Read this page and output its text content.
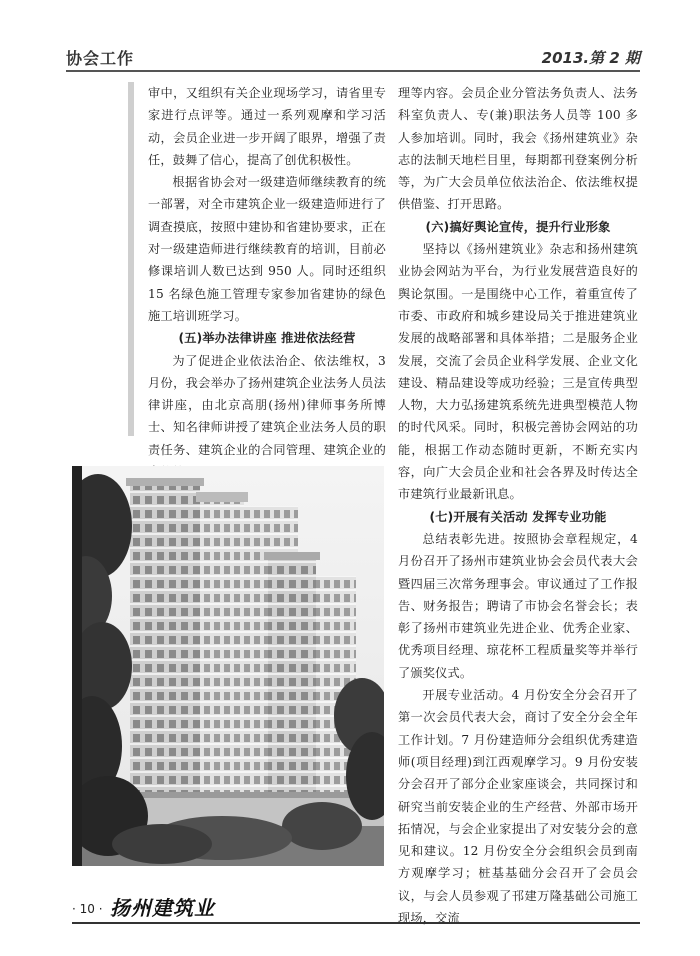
协会工作	2013.第 2 期

审中，又组织有关企业现场学习，请省里专家进行点评等。通过一系列观摩和学习活动，会员企业进一步开阔了眼界，增强了责任，鼓舞了信心，提高了创优积极性。

根据省协会对一级建造师继续教育的统一部署，对全市建筑企业一级建造师进行了调查摸底，按照中建协和省建协要求，正在对一级建造师进行继续教育的培训，目前必修课培训人数已达到 950 人。同时还组织 15 名绿色施工管理专家参加省建协的绿色施工培训班学习。

(五)举办法律讲座 推进依法经营

为了促进企业依法治企、依法维权，3 月份，我会举办了扬州建筑企业法务人员法律讲座，由北京高朋(扬州)律师事务所博士、知名律师讲授了建筑企业法务人员的职责任务、建筑企业的合同管理、建筑企业的

理等内容。会员企业分管法务负责人、法务科室负责人、专(兼)职法务人员等 100 多人参加培训。同时，我会《扬州建筑业》杂志的法制天地栏目里，每期都刊登案例分析等，为广大会员单位依法治企、依法维权提供借鉴、打开思路。

(六)搞好舆论宣传，提升行业形象

坚持以《扬州建筑业》杂志和扬州建筑业协会网站为平台，为行业发展营造良好的舆论氛围。一是围绕中心工作，着重宣传了市委、市政府和城乡建设局关于推进建筑业发展的战略部署和具体举措；二是服务企业发展，交流了会员企业科学发展、企业文化建设、精品建设等成功经验；三是宣传典型人物，大力弘扬建筑系统先进典型模范人物的时代风采。同时，积极完善协会网站的功能，根据工作动态随时更新，不断充实内容，向广大会员企业和社会各界及时传达全市建筑行业最新讯息。

(七)开展有关活动 发挥专业功能

总结表彰先进。按照协会章程规定，4 月份召开了扬州市建筑业协会会员代表大会暨四届三次常务理事会。审议通过了工作报告、财务报告；聘请了市协会名誉会长；表彰了扬州市建筑业先进企业、优秀企业家、优秀项目经理、琼花杯工程质量奖等并举行了颁奖仪式。

开展专业活动。4 月份安全分会召开了第一次会员代表大会，商讨了安全分会全年工作计划。7 月份建造师分会组织优秀建造师(项目经理)到江西观摩学习。9 月份安装分会召开了部分企业家座谈会，共同探讨和研究当前安装企业的生产经营、外部市场开拓情况，与会企业家提出了对安装分会的意见和建议。12 月份安全分会组织会员到南方观摩学习；桩基基础分会召开了会员会议，与会人员参观了邗建万隆基础公司施工现场，交流

· 10 · 扬州建筑业
